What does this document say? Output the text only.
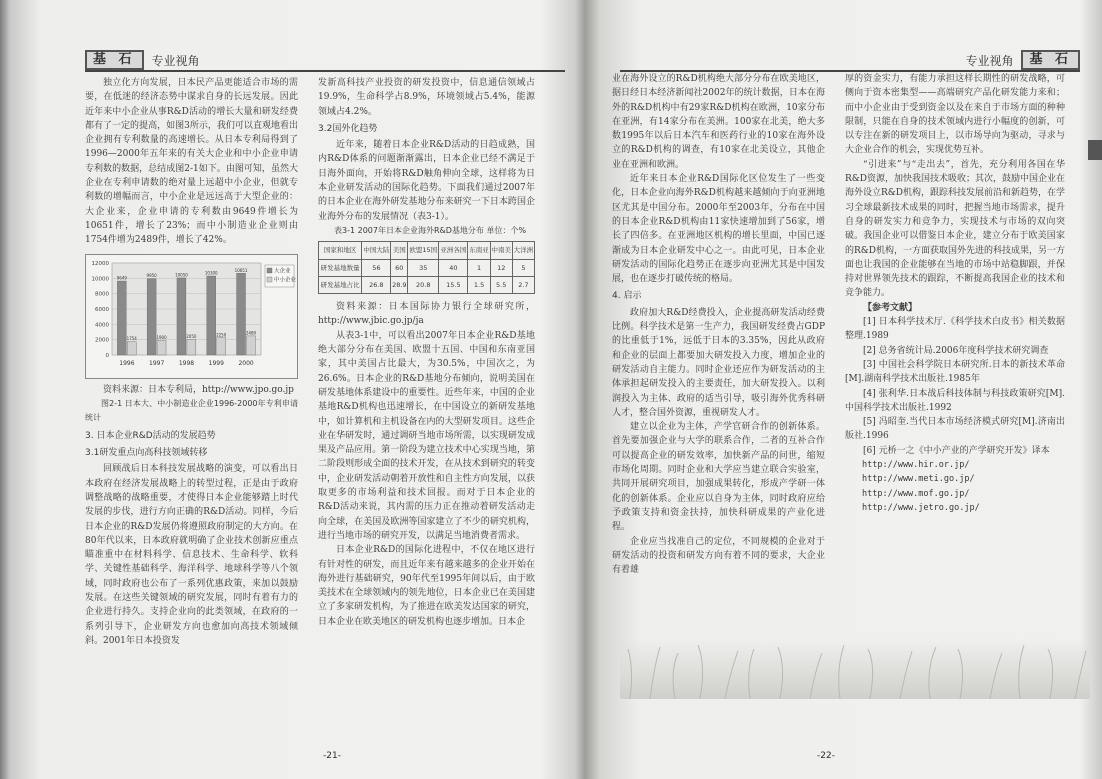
基 石	专业视角

独立化方向发展，日本民产品更能适合市场的需要，在低迷的经济态势中谋求自身的长远发展。因此近年来中小企业从事R&D活动的增长大量和研发经费都有了一定的提高，如图3所示，我们可以直观地看出企业拥有专利数量的高速增长。从日本专利局得到了1996—2000年五年来的有关大企业和中小企业申请专利数的数据，总结成图2-1如下。由图可知，虽然大企业在专利申请数的绝对量上远超中小企业，但就专利数的增幅而言，中小企业是远远高于大型企业的：大企业来，企业申请的专利数由9649件增长为10651件，增长了23%；而中小制造业企业则由1754件增为2489件，增长了42%。

0
2000
4000
6000
8000
10000
12000
9649
1754
1996
9950
1900
1997
10050
2050
1998
10300
2250
1999
10651
2489
2000
大企业
中小企业

资料来源：日本专利局，http://www.jpo.go.jp

图2-1 日本大、中小制造业企业1996-2000年专利申请统计

3. 日本企业R&D活动的发展趋势

3.1研发重点向高科技领域转移

回顾战后日本科技发展战略的演变，可以看出日本政府在经济发展战略上的转型过程，正是由于政府调整战略的战略重要，才使得日本企业能够踏上时代发展的步伐，进行方向正确的R&D活动。同样，今后日本企业的R&D发展仍将遵照政府制定的大方向。在80年代以来，日本政府就明确了企业技术创新应重点瞄准重中在材料科学、信息技术、生命科学、软科学、关键性基础科学、海洋科学、地球科学等八个领域，同时政府也公布了一系列优惠政策，来加以鼓励发展。在这些关键领域的研究发展，同时有着有力的企业进行持久。支持企业向的此类领域，在政府的一系列引导下，企业研发方向也愈加向高技术领域倾斜。2001年日本投资发

发新高科技产业投资的研发投资中，信息通信领域占19.9%，生命科学占8.9%，环境领域占5.4%，能源领域占4.2%。

3.2国外化趋势

近年来，随着日本企业R&D活动的日趋成熟，国内R&D体系的问题渐渐露出，日本企业已经不满足于日海外面向，开始将R&D触角伸向全球，这样将为日本企业研发活动的国际化趋势。下面我们通过2007年的日本企业在海外研发基地分布来研究一下日本跨国企业海外分布的发展情况（表3-1）。

表3-1 2007年日本企业海外R&D基地分布 单位：个%

国家和地区	中国大陆	美国	欧盟15国	亚洲各国	东南亚	中南美	大洋洲
研发基地数量	56	60	35	40	1	12	5
研发基地占比	26.8	28.9	20.8	15.5	1.5	5.5	2.7

资料来源：日本国际协力银行全球研究所，http://www.jbic.go.jp/ja

从表3-1中，可以看出2007年日本企业R&D基地绝大部分分布在美国、欧盟十五国、中国和东南亚国家，其中美国占比最大，为30.5%，中国次之，为26.6%。日本企业的R&D基地分布倾向，说明美国在研发基地体系建设中的重要性。近些年来，中国的企业基地R&D机构也迅速增长，在中国设立的新研发基地中，如计算机和主机设备在内的大型研发项目。这些企业在华研发时，通过调研当地市场所需，以实现研发成果及产品应用。第一阶段为建立技术中心实现当地，第二阶段则形成全面的技术开发，在从技术到研究的转变中，企业研发活动朝着开放性和自主性方向发展，以获取更多的市场利益和技术回报。而对于日本企业的R&D活动来说，其内需的压力正在推动着研发活动走向全球，在美国及欧洲等国家建立了不少的研究机构，进行当地市场的研究开发，以满足当地消费者需求。

日本企业R&D的国际化进程中，不仅在地区进行有针对性的研发，而且近年来有越来越多的企业开始在海外进行基础研究，90年代至1995年间以后，由于欧美技术在全球领域内的领先地位，日本企业已在美国建立了多家研发机构，为了推进在欧美发达国家的研究，日本企业在欧美地区的研发机构也逐步增加。日本企

-21-
专业视角	基 石

业在海外设立的R&D机构绝大部分分布在欧美地区，据日经日本经济新闻社2002年的统计数据，日本在海外的R&D机构中有29家R&D机构在欧洲，10家分布在亚洲，有14家分布在美洲。100家在北美，绝大多数1995年以后日本汽车和医药行业的10家在海外设立的R&D机构的调查，有10家在北美设立，其他企业在亚洲和欧洲。

近年来日本企业R&D国际化区位发生了一些变化，日本企业向海外R&D机构越来越倾向于向亚洲地区尤其是中国分布。2000年至2003年，分布在中国的日本企业R&D机构由11家快速增加到了56家，增长了四倍多。在亚洲地区机构的增长里面，中国已逐渐成为日本企业研发中心之一。由此可见，日本企业研发活动的国际化趋势正在逐步向亚洲尤其是中国发展，也在逐步打破传统的格局。

4. 启示

政府加大R&D经费投入，企业提高研发活动经费比例。科学技术是第一生产力，我国研发经费占GDP的比重低于1%，远低于日本的3.35%，因此从政府和企业的层面上都要加大研发投入力度，增加企业的研发活动自主能力。同时企业还应作为研发活动的主体承担起研发投入的主要责任，加大研发投入。以利润投入为主体、政府的适当引导，吸引海外优秀科研人才，整合国外资源，重视研发人才。

建立以企业为主体，产学官研合作的创新体系。首先要加强企业与大学的联系合作，二者的互补合作可以提高企业的研发效率，加快新产品的问世，缩短市场化周期。同时企业和大学应当建立联合实验室，共同开展研究项目，加强成果转化，形成产学研一体化的创新体系。企业应以自身为主体，同时政府应给予政策支持和资金扶持，加快科研成果的产业化进程。

企业应当找准自己的定位，不同规模的企业对于研发活动的投资和研发方向有着不同的要求，大企业有着雄

厚的资金实力，有能力承担这样长期性的研发战略，可侧向于资本密集型——高端研究产品化研发能力来和；而中小企业由于受到资金以及在来自于市场方面的种种限制，只能在自身的技术领域内进行小幅度的创新，可以专注在新的研发项目上，以市场导向为驱动，寻求与大企业合作的机会，实现优势互补。

“引进来”与“走出去”，首先，充分利用各国在华R&D资源，加快我国技术吸收；其次，鼓励中国企业在海外设立R&D机构，跟踪科技发展前沿和新趋势，在学习全球最新技术成果的同时，把握当地市场需求，提升自身的研发实力和竞争力，实现技术与市场的双向突破。我国企业可以借鉴日本企业，建立分布于欧美国家的R&D机构，一方面获取国外先进的科技成果，另一方面也让我国的企业能够在当地的市场中站稳脚跟，并保持对世界领先技术的跟踪，不断提高我国企业的技术和竞争能力。

【参考文献】

[1] 日本科学技术厅.《科学技术白皮书》相关数据整理.1989

[2] 总务省统计局.2006年度科学技术研究调查

[3] 中国社会科学院日本研究所.日本的新技术革命[M].湖南科学技术出版社.1985年

[4] 张利华.日本战后科技体制与科技政策研究[M].中国科学技术出版社.1992

[5] 冯昭奎.当代日本市场经济模式研究[M].济南出版社.1996

[6] 元桥一之《中小产业的产学研究开发》译本

http://www.hir.or.jp/

http://www.meti.go.jp/

http://www.mof.go.jp/

http://www.jetro.go.jp/

-22-
